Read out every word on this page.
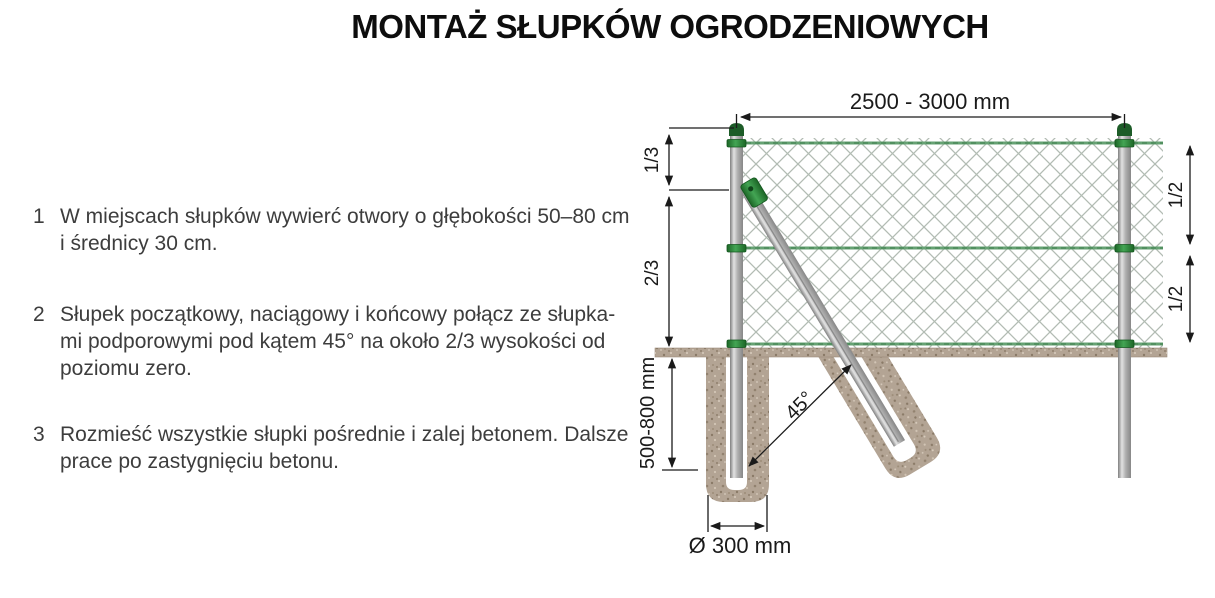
MONTAŻ SŁUPKÓW OGRODZENIOWYCH
1 W miejscach słupków wywierć otwory o głębokości 50–80 cm
i średnicy 30 cm.
2 Słupek początkowy, naciągowy i końcowy połącz ze słupka-
mi podporowymi pod kątem 45° na około 2/3 wysokości od
poziomu zero.
3 Rozmieść wszystkie słupki pośrednie i zalej betonem. Dalsze
prace po zastygnięciu betonu.
2500 - 3000 mm
1/3
2/3
500-800 mm
Ø 300 mm
45°
1/2
1/2
